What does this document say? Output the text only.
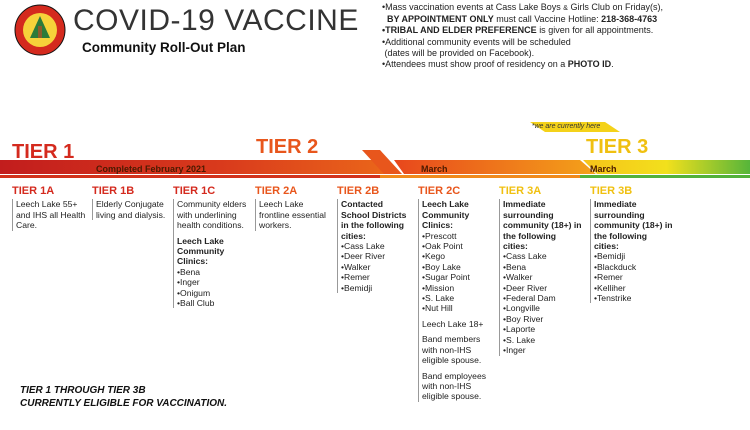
COVID-19 VACCINE
Community Roll-Out Plan
•Mass vaccination events at Cass Lake Boys & Girls Club on Friday(s),
BY APPOINTMENT ONLY must call Vaccine Hotline: 218-368-4763
•TRIBAL AND ELDER PREFERENCE is given for all appointments.
•Additional community events will be scheduled
(dates will be provided on Facebook).
•Attendees must show proof of residency on a PHOTO ID.
*we are currently here
TIER 1	TIER 2	TIER 3
Completed February 2021	March	March
TIER 1A
Leech Lake 55+ and IHS all Health Care.
TIER 1B
Elderly Conjugate living and dialysis.
TIER 1C
Community elders with underlining health conditions.
Leech Lake Community Clinics:
•Bena
•Inger
•Onigum
•Ball Club
TIER 2A
Leech Lake frontline essential workers.
TIER 2B
Contacted School Districts in the following cities:
•Cass Lake
•Deer River
•Walker
•Remer
•Bemidji
TIER 2C
Leech Lake Community Clinics:
•Prescott
•Oak Point
•Kego
•Boy Lake
•Sugar Point
•Mission
•S. Lake
•Nut Hill
Leech Lake 18+
Band members with non-IHS eligible spouse.
Band employees with non-IHS eligible spouse.
TIER 3A
Immediate surrounding community (18+) in the following cities:
•Cass Lake
•Bena
•Walker
•Deer River
•Federal Dam
•Longville
•Boy River
•Laporte
•S. Lake
•Inger
TIER 3B
Immediate surrounding community (18+) in the following cities:
•Bemidji
•Blackduck
•Remer
•Kelliher
•Tenstrike
TIER 1 THROUGH TIER 3B
CURRENTLY ELIGIBLE FOR VACCINATION.
